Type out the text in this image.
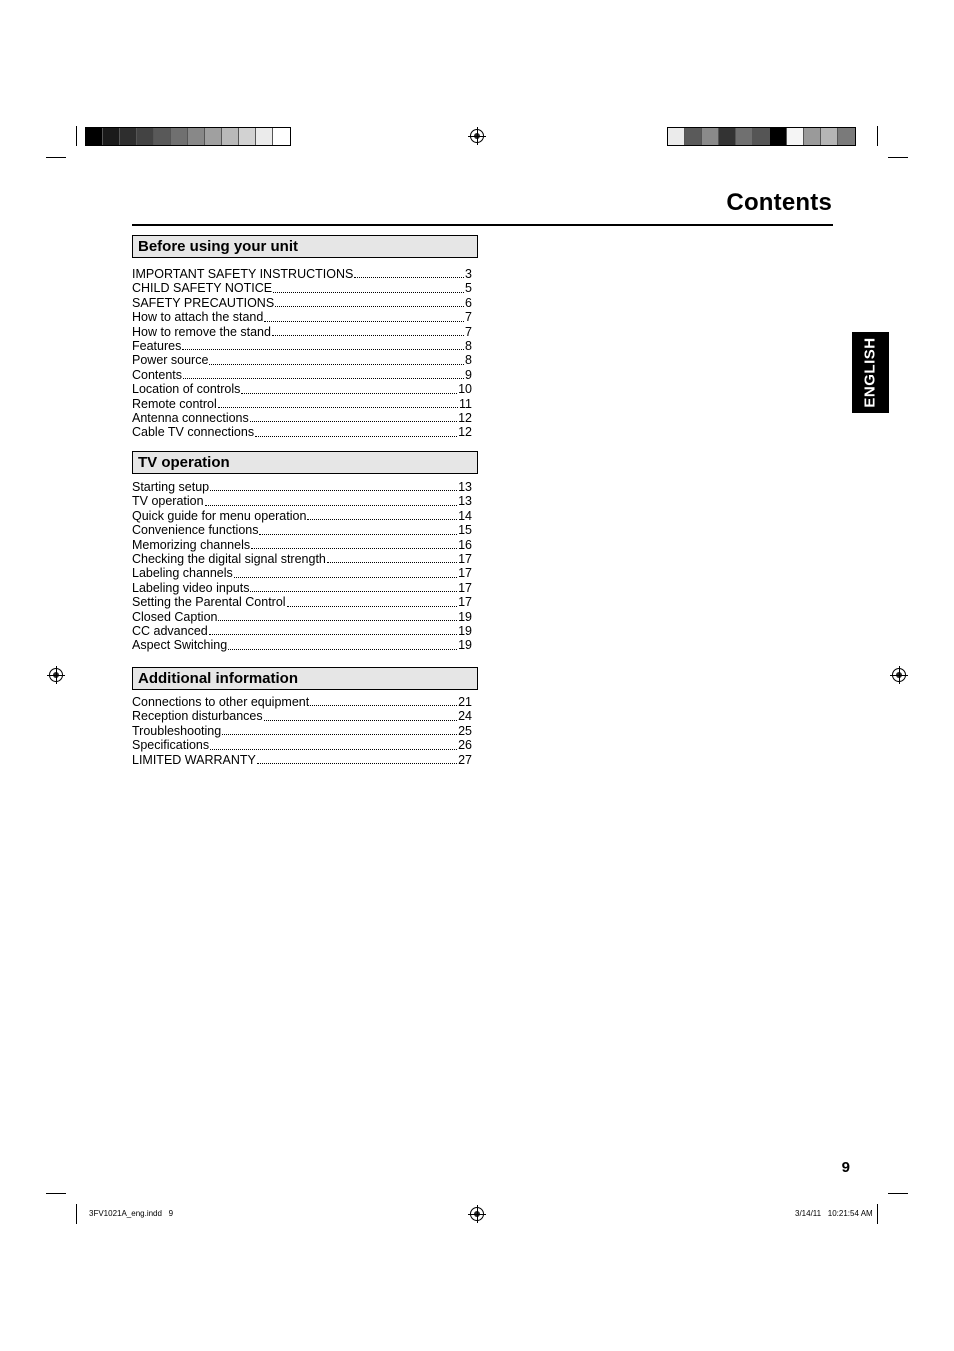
Contents
Before using your unit
IMPORTANT SAFETY INSTRUCTIONS	3
CHILD SAFETY NOTICE	5
SAFETY PRECAUTIONS	6
How to attach the stand	7
How to remove the stand	7
Features	8
Power source	8
Contents	9
Location of controls	10
Remote control	11
Antenna connections	12
Cable TV connections	12
TV operation
Starting setup	13
TV operation	13
Quick guide for menu operation	14
Convenience functions	15
Memorizing channels	16
Checking the digital signal strength	17
Labeling channels	17
Labeling video inputs	17
Setting the Parental Control	17
Closed Caption	19
CC advanced	19
Aspect Switching	19
Additional information
Connections to other equipment	21
Reception disturbances	24
Troubleshooting	25
Specifications	26
LIMITED WARRANTY	27
ENGLISH
9
3FV1021A_eng.indd   9	3/14/11   10:21:54 AM
